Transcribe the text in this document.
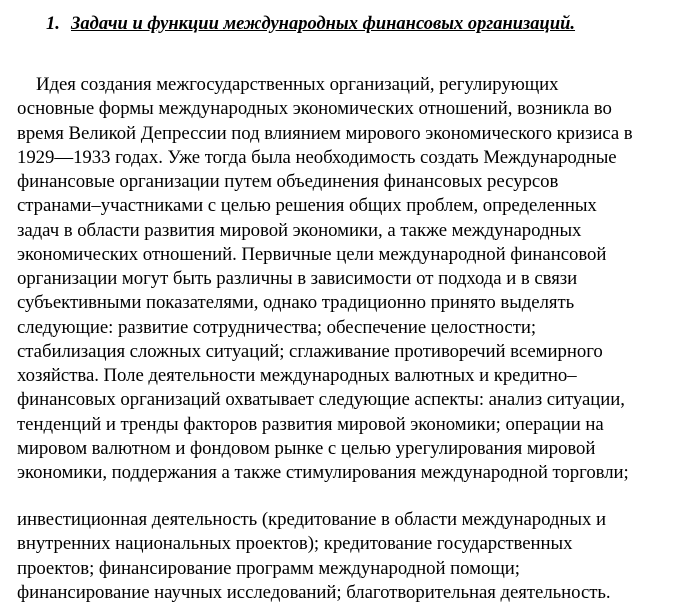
1. Задачи и функции международных финансовых организаций.
Идея создания межгосударственных организаций, регулирующих
основные формы международных экономических отношений, возникла во
время Великой Депрессии под влиянием мирового экономического кризиса в
1929—1933 годах. Уже тогда была необходимость создать Международные
финансовые организации путем объединения финансовых ресурсов
странами–участниками с целью решения общих проблем, определенных
задач в области развития мировой экономики, а также международных
экономических отношений. Первичные цели международной финансовой
организации могут быть различны в зависимости от подхода и в связи
субъективными показателями, однако традиционно принято выделять
следующие: развитие сотрудничества; обеспечение целостности;
стабилизация сложных ситуаций; сглаживание противоречий всемирного
хозяйства. Поле деятельности международных валютных и кредитно–
финансовых организаций охватывает следующие аспекты: анализ ситуации,
тенденций и тренды факторов развития мировой экономики; операции на
мировом валютном и фондовом рынке с целью урегулирования мировой
экономики, поддержания а также стимулирования международной торговли;
инвестиционная деятельность (кредитование в области международных и
внутренних национальных проектов); кредитование государственных
проектов; финансирование программ международной помощи;
финансирование научных исследований; благотворительная деятельность.
